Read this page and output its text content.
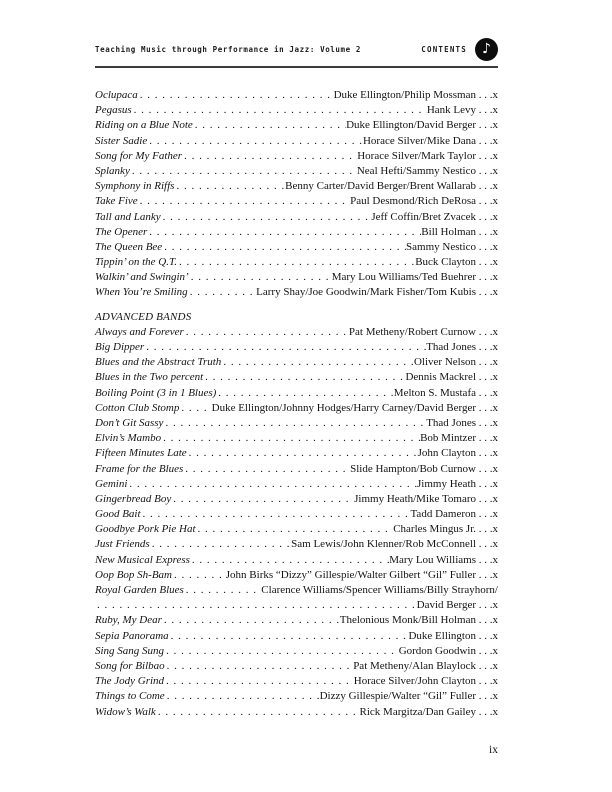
Teaching Music through Performance in Jazz: Volume 2	CONTENTS	♪
Oclupaca . . .	Duke Ellington/Philip Mossman . . .x
Pegasus . . .	Hank Levy . . .x
Riding on a Blue Note . . .	Duke Ellington/David Berger . . .x
Sister Sadie . . .	Horace Silver/Mike Dana . . .x
Song for My Father . . .	Horace Silver/Mark Taylor . . .x
Splanky . . .	Neal Hefti/Sammy Nestico . . .x
Symphony in Riffs . . .	Benny Carter/David Berger/Brent Wallarab . . .x
Take Five . . .	Paul Desmond/Rich DeRosa . . .x
Tall and Lanky . . .	Jeff Coffin/Bret Zvacek . . .x
The Opener . . .	Bill Holman . . .x
The Queen Bee . . .	Sammy Nestico . . .x
Tippin’ on the Q.T. . . .	Buck Clayton . . .x
Walkin’ and Swingin’ . . .	Mary Lou Williams/Ted Buehrer . . .x
When You’re Smiling . . .	Larry Shay/Joe Goodwin/Mark Fisher/Tom Kubis . . .x
ADVANCED BANDS
Always and Forever . . .	Pat Metheny/Robert Curnow . . .x
Big Dipper . . .	Thad Jones . . .x
Blues and the Abstract Truth . . .	Oliver Nelson . . .x
Blues in the Two percent . . .	Dennis Mackrel . . .x
Boiling Point (3 in 1 Blues) . . .	Melton S. Mustafa . . .x
Cotton Club Stomp . . .	Duke Ellington/Johnny Hodges/Harry Carney/David Berger . . .x
Don’t Git Sassy . . .	Thad Jones . . .x
Elvin’s Mambo . . .	Bob Mintzer . . .x
Fifteen Minutes Late . . .	John Clayton . . .x
Frame for the Blues . . .	Slide Hampton/Bob Curnow . . .x
Gemini . . .	Jimmy Heath . . .x
Gingerbread Boy . . .	Jimmy Heath/Mike Tomaro . . .x
Good Bait . . .	Tadd Dameron . . .x
Goodbye Pork Pie Hat . . .	Charles Mingus Jr. . . .x
Just Friends . . .	Sam Lewis/John Klenner/Rob McConnell . . .x
New Musical Express . . .	Mary Lou Williams . . .x
Oop Bop Sh-Bam . . .	John Birks “Dizzy” Gillespie/Walter Gilbert “Gil” Fuller . . .x
Royal Garden Blues . . .	Clarence Williams/Spencer Williams/Billy Strayhorn/
. . .
David Berger . . .x
Ruby, My Dear . . .	Thelonious Monk/Bill Holman . . .x
Sepia Panorama . . .	Duke Ellington . . .x
Sing Sang Sung . . .	Gordon Goodwin . . .x
Song for Bilbao . . .	Pat Metheny/Alan Blaylock . . .x
The Jody Grind . . .	Horace Silver/John Clayton . . .x
Things to Come . . .	Dizzy Gillespie/Walter “Gil” Fuller . . .x
Widow’s Walk . . .	Rick Margitza/Dan Gailey . . .x
ix
